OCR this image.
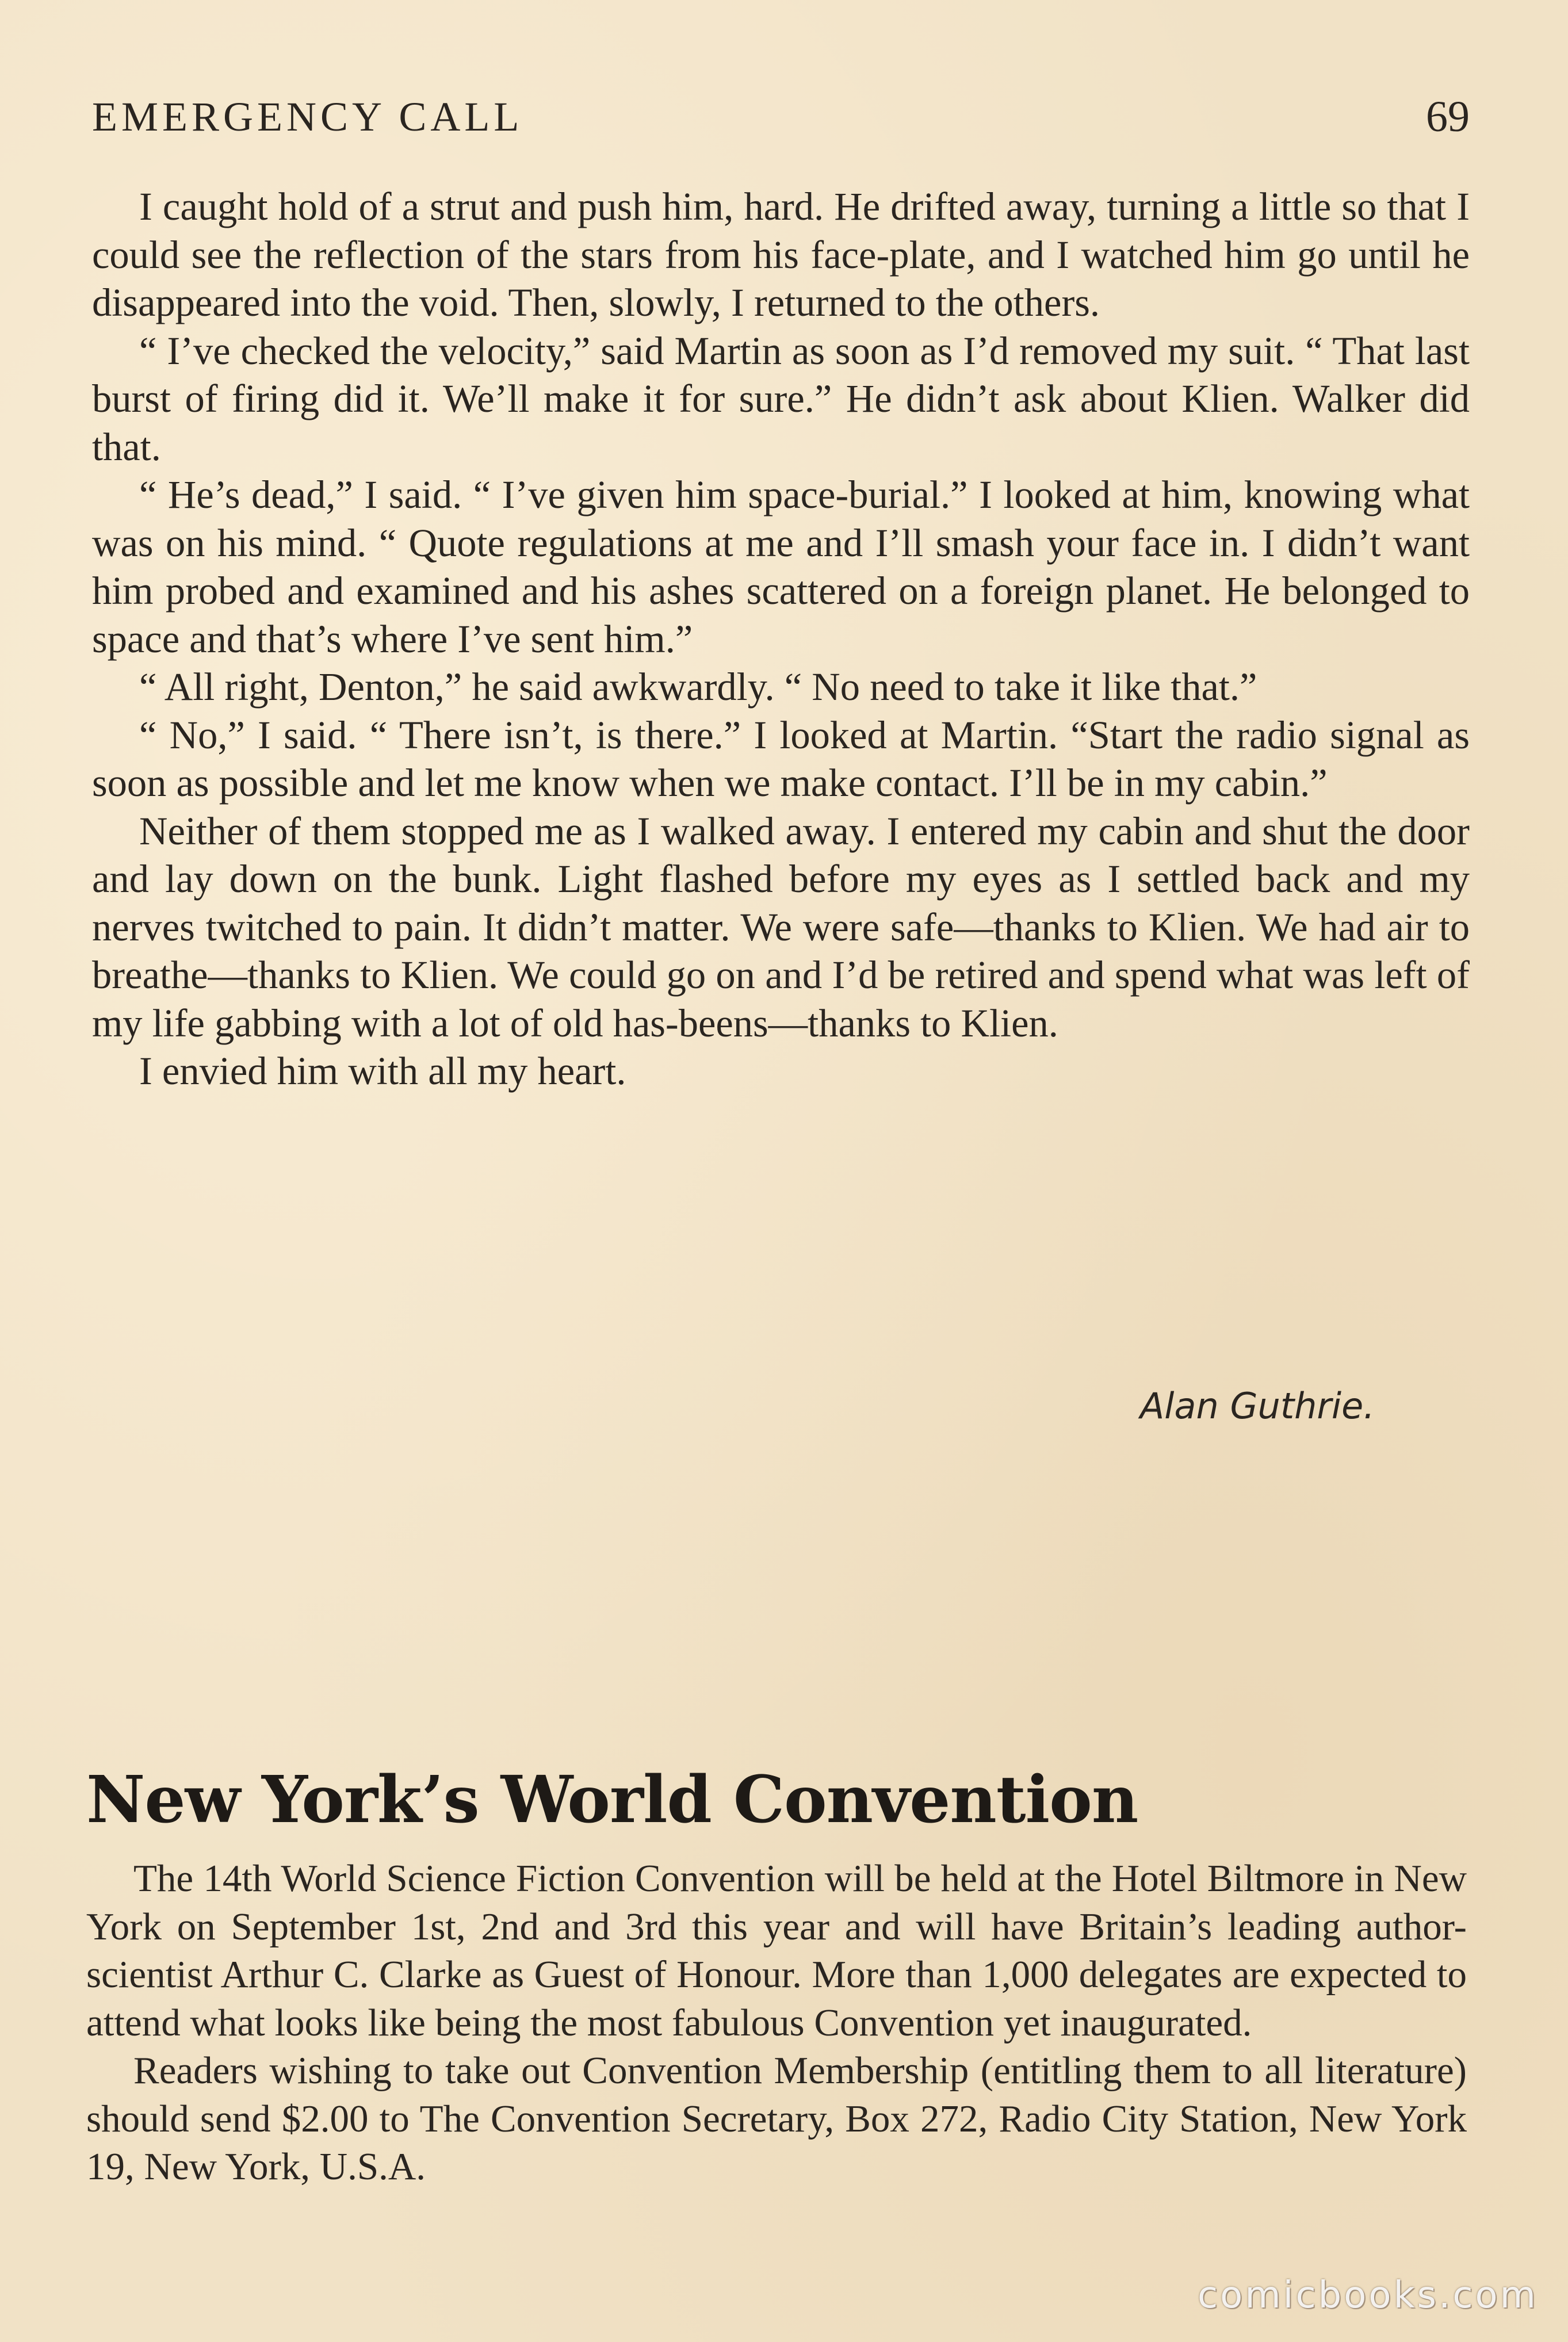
EMERGENCY CALL	69

I caught hold of a strut and push him, hard. He drifted away, turning a little so that I could see the reflection of the stars from his face-plate, and I watched him go until he disappeared into the void. Then, slowly, I returned to the others.

“ I’ve checked the velocity,” said Martin as soon as I’d removed my suit. “ That last burst of firing did it. We’ll make it for sure.” He didn’t ask about Klien. Walker did that.

“ He’s dead,” I said. “ I’ve given him space-burial.” I looked at him, knowing what was on his mind. “ Quote regulations at me and I’ll smash your face in. I didn’t want him probed and examined and his ashes scattered on a foreign planet. He belonged to space and that’s where I’ve sent him.”

“ All right, Denton,” he said awkwardly. “ No need to take it like that.”

“ No,” I said. “ There isn’t, is there.” I looked at Martin. “Start the radio signal as soon as possible and let me know when we make contact. I’ll be in my cabin.”

Neither of them stopped me as I walked away. I entered my cabin and shut the door and lay down on the bunk. Light flashed before my eyes as I settled back and my nerves twitched to pain. It didn’t matter. We were safe—thanks to Klien. We had air to breathe—thanks to Klien. We could go on and I’d be retired and spend what was left of my life gabbing with a lot of old has-beens—thanks to Klien.

I envied him with all my heart.

Alan Guthrie.
New York’s World Convention

The 14th World Science Fiction Convention will be held at the Hotel Biltmore in New York on September 1st, 2nd and 3rd this year and will have Britain’s leading author-scientist Arthur C. Clarke as Guest of Honour. More than 1,000 delegates are expected to attend what looks like being the most fabulous Convention yet inaugurated.

Readers wishing to take out Convention Membership (entitling them to all literature) should send $2.00 to The Convention Secretary, Box 272, Radio City Station, New York 19, New York, U.S.A.

comicbooks.com
